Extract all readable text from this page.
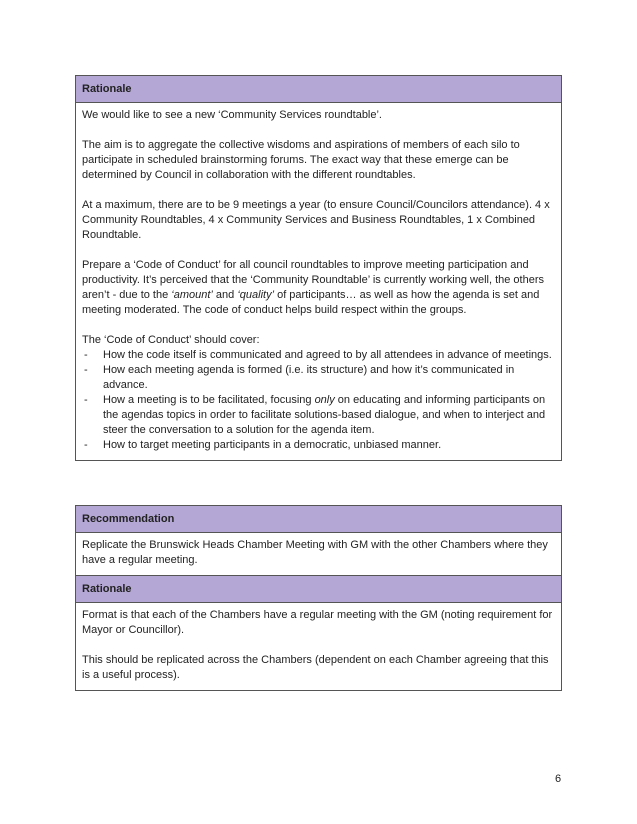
Rationale

We would like to see a new ‘Community Services roundtable’.

The aim is to aggregate the collective wisdoms and aspirations of members of each silo to participate in scheduled brainstorming forums. The exact way that these emerge can be determined by Council in collaboration with the different roundtables.

At a maximum, there are to be 9 meetings a year (to ensure Council/Councilors attendance). 4 x Community Roundtables, 4 x Community Services and Business Roundtables, 1 x Combined Roundtable.

Prepare a ‘Code of Conduct’ for all council roundtables to improve meeting participation and productivity. It’s perceived that the ‘Community Roundtable’ is currently working well, the others aren’t - due to the ‘amount’ and ‘quality’ of participants… as well as how the agenda is set and meeting moderated. The code of conduct helps build respect within the groups.

The ‘Code of Conduct’ should cover:
- How the code itself is communicated and agreed to by all attendees in advance of meetings.
- How each meeting agenda is formed (i.e. its structure) and how it’s communicated in advance.
- How a meeting is to be facilitated, focusing only on educating and informing participants on the agendas topics in order to facilitate solutions-based dialogue, and when to interject and steer the conversation to a solution for the agenda item.
- How to target meeting participants in a democratic, unbiased manner.
Recommendation

Replicate the Brunswick Heads Chamber Meeting with GM with the other Chambers where they have a regular meeting.

Rationale

Format is that each of the Chambers have a regular meeting with the GM (noting requirement for Mayor or Councillor).

This should be replicated across the Chambers (dependent on each Chamber agreeing that this is a useful process).

6
